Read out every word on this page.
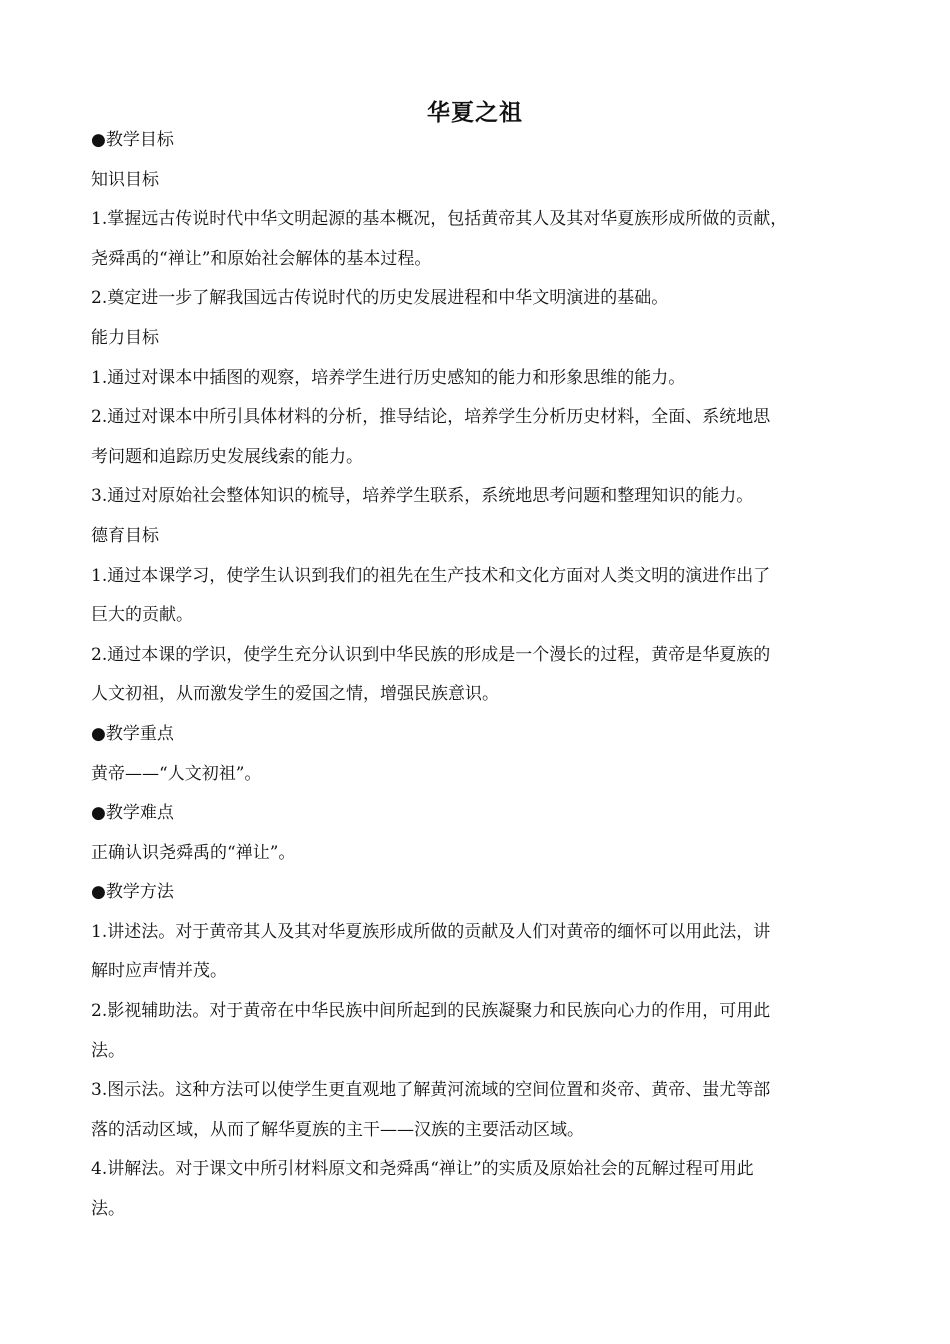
华夏之祖
●教学目标
知识目标
1.掌握远古传说时代中华文明起源的基本概况，包括黄帝其人及其对华夏族形成所做的贡献，
尧舜禹的“禅让”和原始社会解体的基本过程。
2.奠定进一步了解我国远古传说时代的历史发展进程和中华文明演进的基础。
能力目标
1.通过对课本中插图的观察，培养学生进行历史感知的能力和形象思维的能力。
2.通过对课本中所引具体材料的分析，推导结论，培养学生分析历史材料，全面、系统地思
考问题和追踪历史发展线索的能力。
3.通过对原始社会整体知识的梳导，培养学生联系，系统地思考问题和整理知识的能力。
德育目标
1.通过本课学习，使学生认识到我们的祖先在生产技术和文化方面对人类文明的演进作出了
巨大的贡献。
2.通过本课的学识，使学生充分认识到中华民族的形成是一个漫长的过程，黄帝是华夏族的
人文初祖，从而激发学生的爱国之情，增强民族意识。
●教学重点
黄帝——“人文初祖”。
●教学难点
正确认识尧舜禹的“禅让”。
●教学方法
1.讲述法。对于黄帝其人及其对华夏族形成所做的贡献及人们对黄帝的缅怀可以用此法，讲
解时应声情并茂。
2.影视辅助法。对于黄帝在中华民族中间所起到的民族凝聚力和民族向心力的作用，可用此
法。
3.图示法。这种方法可以使学生更直观地了解黄河流域的空间位置和炎帝、黄帝、蚩尤等部
落的活动区域，从而了解华夏族的主干——汉族的主要活动区域。
4.讲解法。对于课文中所引材料原文和尧舜禹“禅让”的实质及原始社会的瓦解过程可用此
法。
